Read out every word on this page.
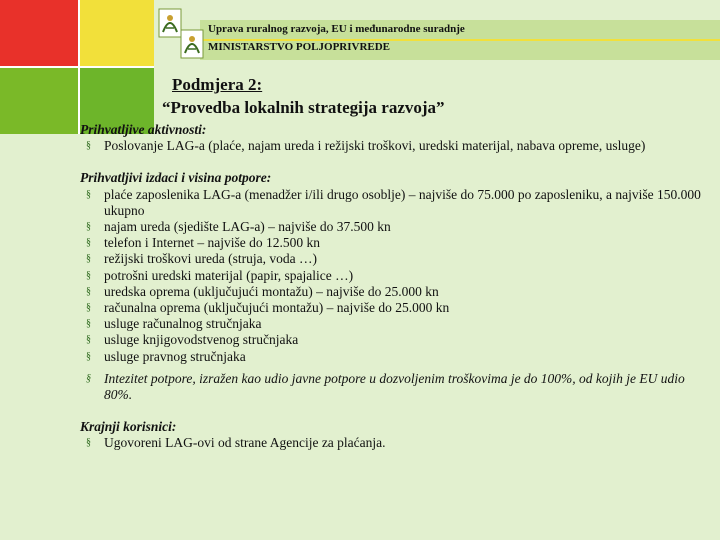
Uprava ruralnog razvoja, EU i međunarodne suradnje
MINISTARSTVO POLJOPRIVREDE
Podmjera 2:
“Provedba lokalnih strategija razvoja”
Prihvatljive aktivnosti:
§ Poslovanje LAG-a (plaće, najam ureda i režijski troškovi, uredski materijal, nabava opreme, usluge)
Prihvatljivi izdaci i visina potpore:
§ plaće zaposlenika LAG-a (menadžer i/ili drugo osoblje) – najviše do 75.000 po zaposleniku, a najviše 150.000 ukupno
§ najam ureda (sjedište LAG-a) – najviše do 37.500 kn
§ telefon i Internet – najviše do 12.500 kn
§ režijski troškovi ureda (struja, voda …)
§ potrošni uredski materijal (papir, spajalice …)
§ uredska oprema (uključujući montažu) – najviše do 25.000 kn
§ računalna oprema (uključujući montažu) – najviše do 25.000 kn
§ usluge računalnog stručnjaka
§ usluge knjigovodstvenog stručnjaka
§ usluge pravnog stručnjaka
§ Intezitet potpore, izražen kao udio javne potpore u dozvoljenim troškovima je do 100%, od kojih je EU udio 80%.
Krajnji korisnici:
§ Ugovoreni LAG-ovi od strane Agencije za plaćanja.
